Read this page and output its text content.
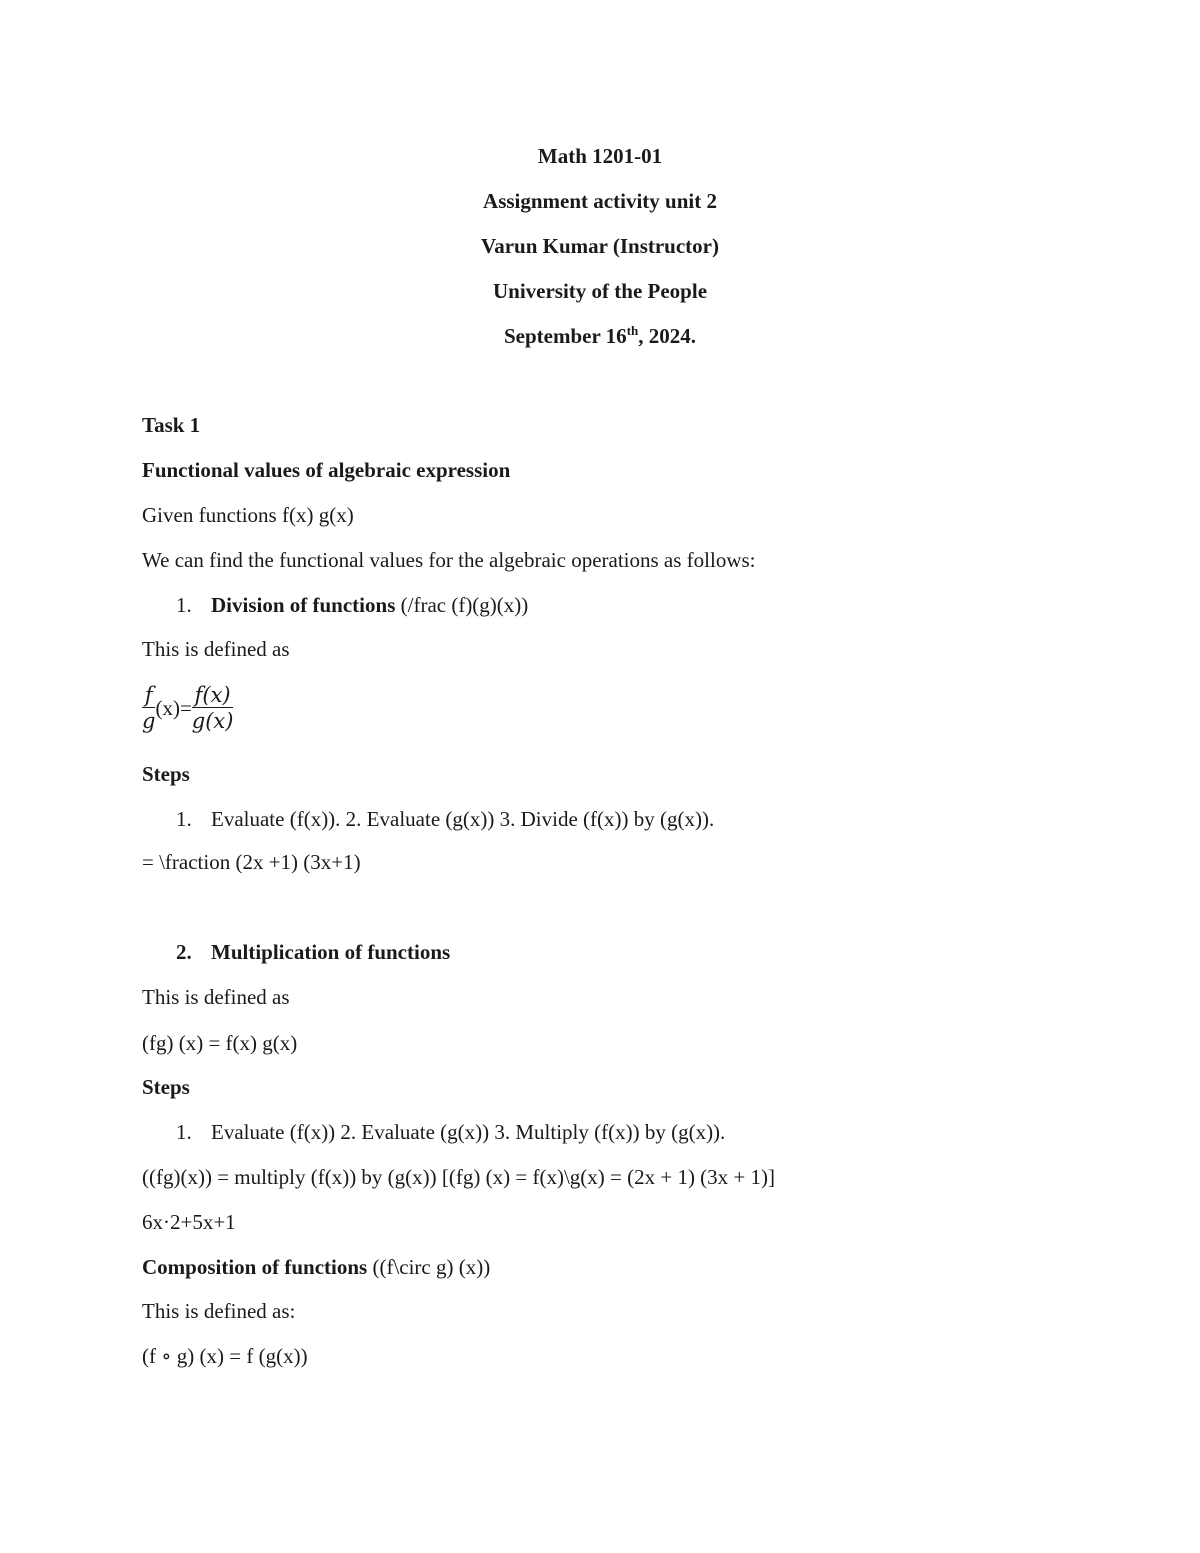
Math 1201-01
Assignment activity unit 2
Varun Kumar (Instructor)
University of the People
September 16th, 2024.
Task 1
Functional values of algebraic expression
Given functions f(x) g(x)
We can find the functional values for the algebraic operations as follows:
1. Division of functions (/frac (f)(g)(x))
This is defined as
$\frac{f}{g} (x)= \frac{f(x)}{g(x)}$
Steps
1. Evaluate (f(x)). 2. Evaluate (g(x)) 3. Divide (f(x)) by (g(x)).
= \fraction (2x +1) (3x+1)
2. Multiplication of functions
This is defined as
(fg) (x) = f(x) g(x)
Steps
1. Evaluate (f(x)) 2. Evaluate (g(x)) 3. Multiply (f(x)) by (g(x)).
((fg)(x)) = multiply (f(x)) by (g(x)) [(fg) (x) = f(x)\g(x) = (2x + 1) (3x + 1)]
6x·2+5x+1
Composition of functions ((f\circ g) (x))
This is defined as:
(f ∘ g) (x) = f (g(x))
